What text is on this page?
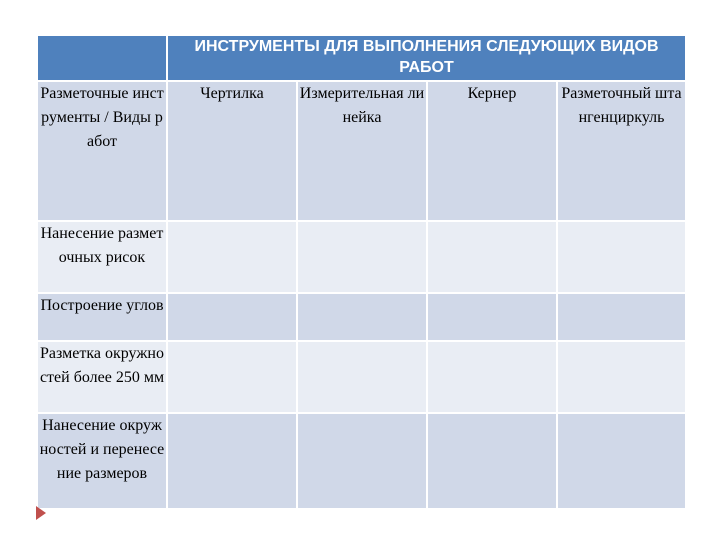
	ИНСТРУМЕНТЫ ДЛЯ ВЫПОЛНЕНИЯ СЛЕДУЮЩИХ ВИДОВ РАБОТ			

Разметочные инструменты / Виды работ	Чертилка	Измерительная линейка	Кернер	Разметочный штангенциркуль

Нанесение разметочных рисок				

Построение углов				

Разметка окружностей более 250 мм				

Нанесение окружностей и перенесение размеров				
